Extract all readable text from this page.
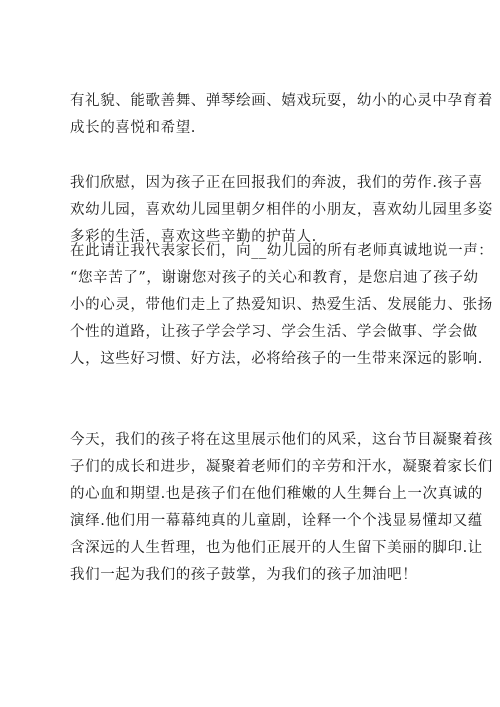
有礼貌、能歌善舞、弹琴绘画、嬉戏玩耍，幼小的心灵中孕育着
成长的喜悦和希望.

我们欣慰，因为孩子正在回报我们的奔波，我们的劳作.孩子喜
欢幼儿园，喜欢幼儿园里朝夕相伴的小朋友，喜欢幼儿园里多姿
多彩的生活，喜欢这些辛勤的护苗人.

在此请让我代表家长们，向__幼儿园的所有老师真诚地说一声：
“您辛苦了”，谢谢您对孩子的关心和教育，是您启迪了孩子幼
小的心灵，带他们走上了热爱知识、热爱生活、发展能力、张扬
个性的道路，让孩子学会学习、学会生活、学会做事、学会做
人，这些好习惯、好方法，必将给孩子的一生带来深远的影响.

今天，我们的孩子将在这里展示他们的风采，这台节目凝聚着孩
子们的成长和进步，凝聚着老师们的辛劳和汗水，凝聚着家长们
的心血和期望.也是孩子们在他们稚嫩的人生舞台上一次真诚的
演绎.他们用一幕幕纯真的儿童剧，诠释一个个浅显易懂却又蕴
含深远的人生哲理，也为他们正展开的人生留下美丽的脚印.让
我们一起为我们的孩子鼓掌，为我们的孩子加油吧！
